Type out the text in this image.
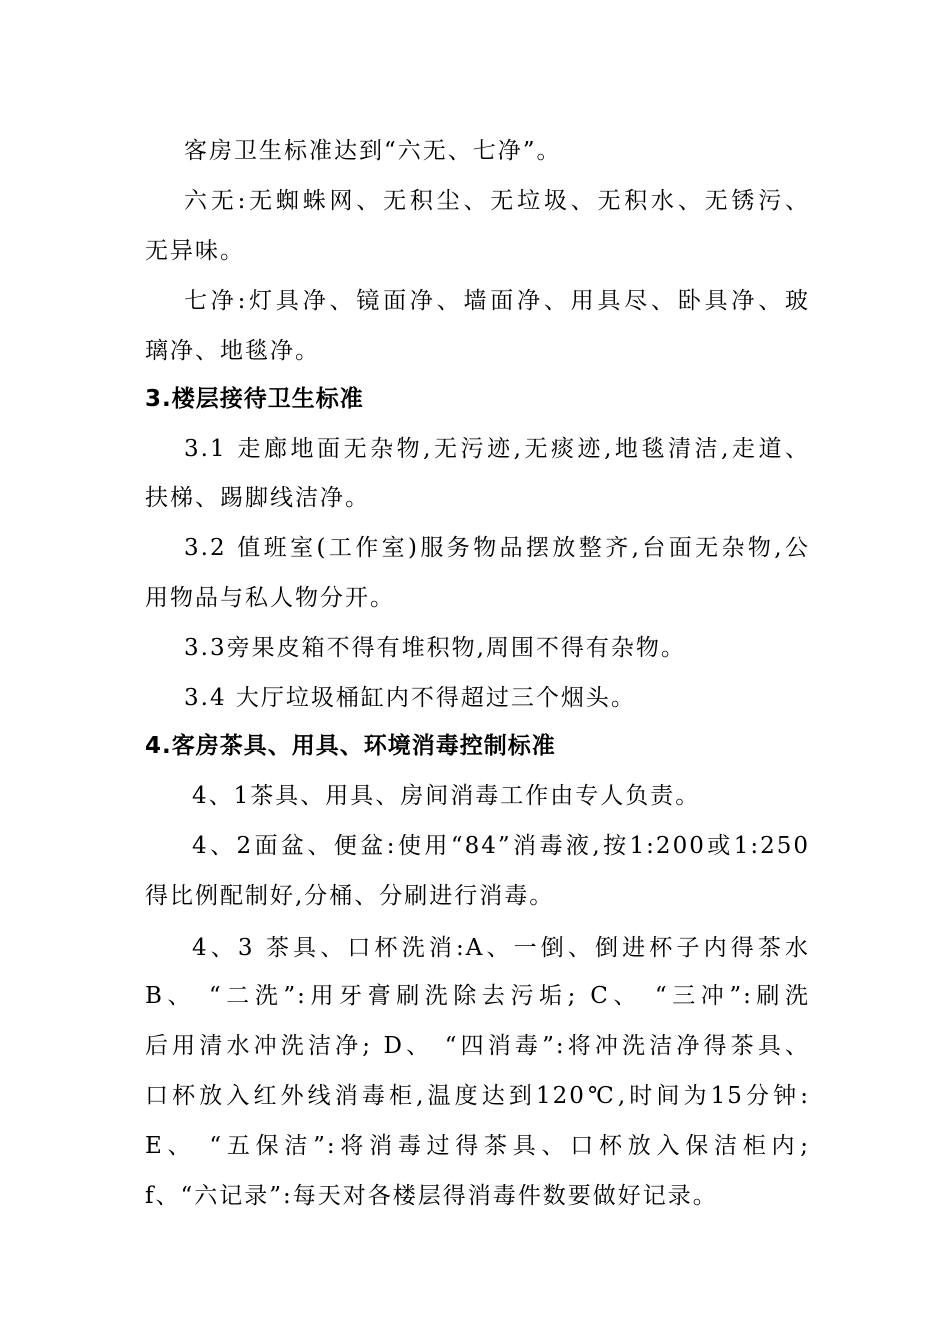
客房卫生标准达到“六无、七净”。
六无:无蜘蛛网、无积尘、无垃圾、无积水、无锈污、
无异味。
七净:灯具净、镜面净、墙面净、用具尽、卧具净、玻
璃净、地毯净。
3.楼层接待卫生标准
3.1 走廊地面无杂物,无污迹,无痰迹,地毯清洁,走道、
扶梯、踢脚线洁净。
3.2 值班室(工作室)服务物品摆放整齐,台面无杂物,公
用物品与私人物分开。
3.3旁果皮箱不得有堆积物,周围不得有杂物。
3.4 大厅垃圾桶缸内不得超过三个烟头。
4.客房茶具、用具、环境消毒控制标准
4、1茶具、用具、房间消毒工作由专人负责。
4、2面盆、便盆:使用“84”消毒液,按1:200或1:250
得比例配制好,分桶、分刷进行消毒。
4、3 茶具、口杯洗消:A、一倒、倒进杯子内得茶水
B、 “二洗”:用牙膏刷洗除去污垢; C、 “三冲”:刷洗
后用清水冲洗洁净; D、 “四消毒”:将冲洗洁净得茶具、
口杯放入红外线消毒柜,温度达到120℃,时间为15分钟:
E、 “五保洁”:将消毒过得茶具、口杯放入保洁柜内;
f、“六记录”:每天对各楼层得消毒件数要做好记录。
